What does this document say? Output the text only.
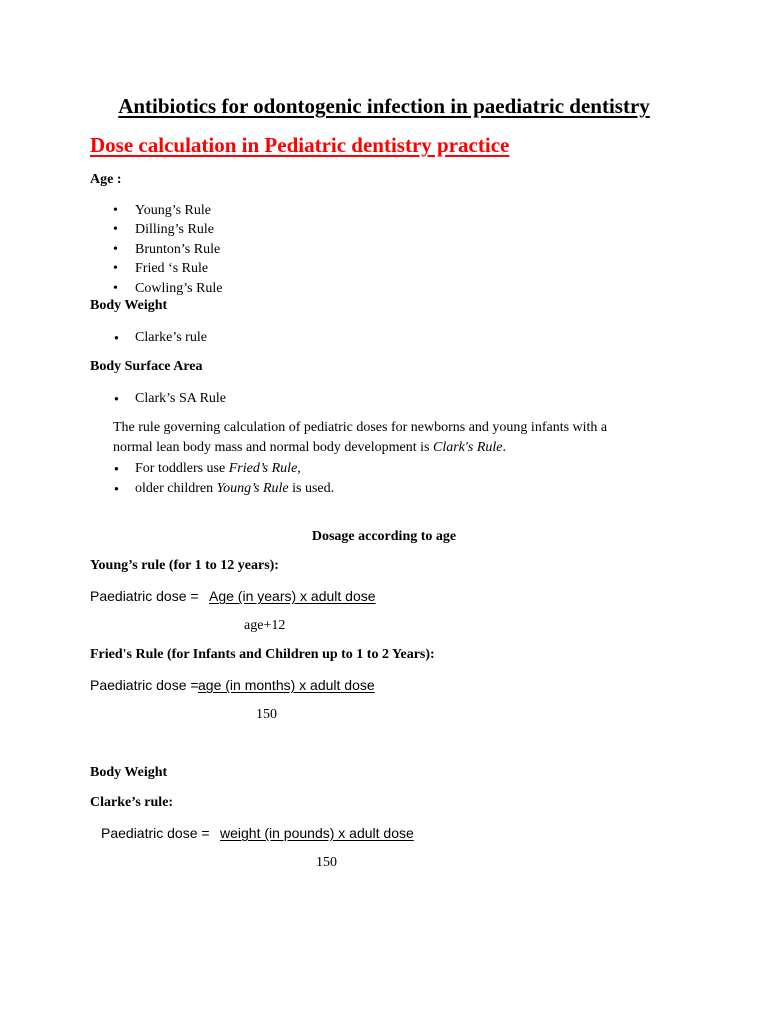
Antibiotics for odontogenic infection in paediatric dentistry
Dose calculation in Pediatric dentistry practice
Age :
• Young’s Rule
• Dilling’s Rule
• Brunton’s Rule
• Fried ‘s Rule
• Cowling’s Rule
Body Weight
● Clarke’s rule
Body Surface Area
● Clark’s SA Rule
The rule governing calculation of pediatric doses for newborns and young infants with a
normal lean body mass and normal body development is Clark's Rule.
● For toddlers use Fried’s Rule,
● older children Young’s Rule is used.
Dosage according to age
Young’s rule (for 1 to 12 years):
Paediatric dose = Age (in years) x adult dose
age+12
Fried's Rule (for Infants and Children up to 1 to 2 Years):
Paediatric dose = age (in months) x adult dose
150
Body Weight
Clarke’s rule:
Paediatric dose = weight (in pounds) x adult dose
150
